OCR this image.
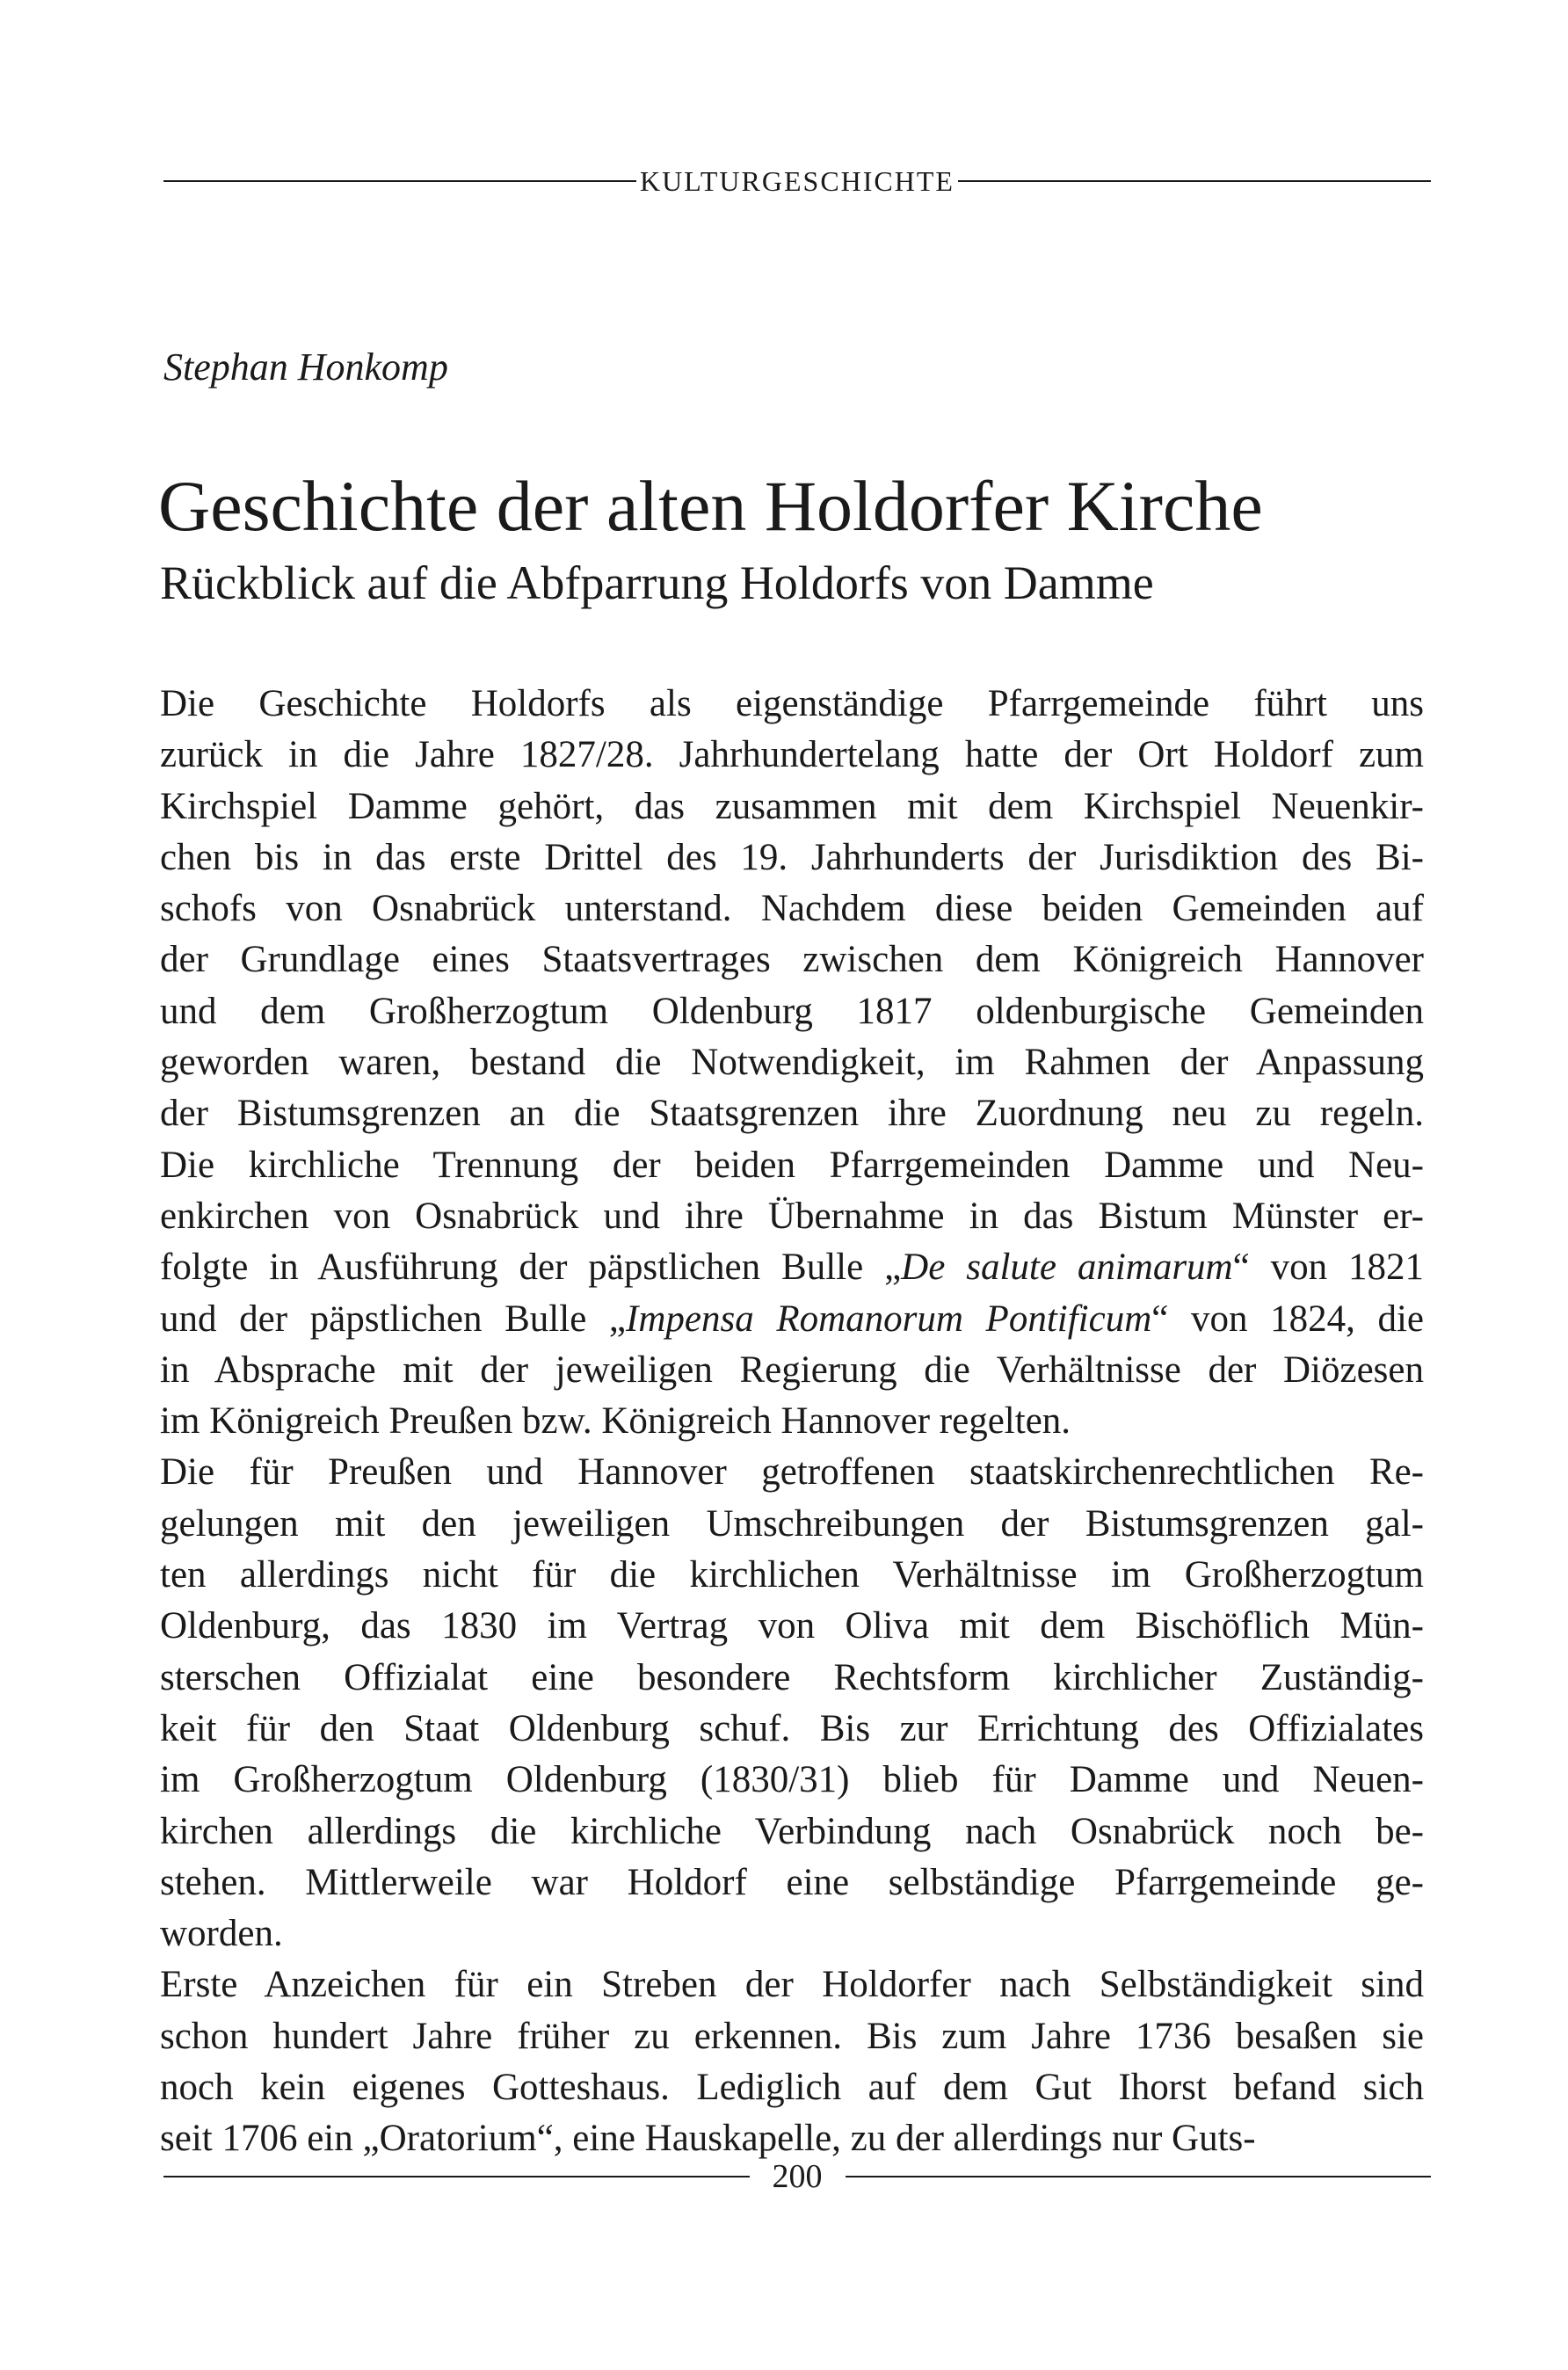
KULTURGESCHICHTE
Stephan Honkomp
Geschichte der alten Holdorfer Kirche
Rückblick auf die Abfparrung Holdorfs von Damme

Die Geschichte Holdorfs als eigenständige Pfarrgemeinde führt uns
zurück in die Jahre 1827/28. Jahrhundertelang hatte der Ort Holdorf zum
Kirchspiel Damme gehört, das zusammen mit dem Kirchspiel Neuenkir-
chen bis in das erste Drittel des 19. Jahrhunderts der Jurisdiktion des Bi-
schofs von Osnabrück unterstand. Nachdem diese beiden Gemeinden auf
der Grundlage eines Staatsvertrages zwischen dem Königreich Hannover
und dem Großherzogtum Oldenburg 1817 oldenburgische Gemeinden
geworden waren, bestand die Notwendigkeit, im Rahmen der Anpassung
der Bistumsgrenzen an die Staatsgrenzen ihre Zuordnung neu zu regeln.
Die kirchliche Trennung der beiden Pfarrgemeinden Damme und Neu-
enkirchen von Osnabrück und ihre Übernahme in das Bistum Münster er-
folgte in Ausführung der päpstlichen Bulle „De salute animarum“ von 1821
und der päpstlichen Bulle „Impensa Romanorum Pontificum“ von 1824, die
in Absprache mit der jeweiligen Regierung die Verhältnisse der Diözesen
im Königreich Preußen bzw. Königreich Hannover regelten.

Die für Preußen und Hannover getroffenen staatskirchenrechtlichen Re-
gelungen mit den jeweiligen Umschreibungen der Bistumsgrenzen gal-
ten allerdings nicht für die kirchlichen Verhältnisse im Großherzogtum
Oldenburg, das 1830 im Vertrag von Oliva mit dem Bischöflich Mün-
sterschen Offizialat eine besondere Rechtsform kirchlicher Zuständig-
keit für den Staat Oldenburg schuf. Bis zur Errichtung des Offizialates
im Großherzogtum Oldenburg (1830/31) blieb für Damme und Neuen-
kirchen allerdings die kirchliche Verbindung nach Osnabrück noch be-
stehen. Mittlerweile war Holdorf eine selbständige Pfarrgemeinde ge-
worden.

Erste Anzeichen für ein Streben der Holdorfer nach Selbständigkeit sind
schon hundert Jahre früher zu erkennen. Bis zum Jahre 1736 besaßen sie
noch kein eigenes Gotteshaus. Lediglich auf dem Gut Ihorst befand sich
seit 1706 ein „Oratorium“, eine Hauskapelle, zu der allerdings nur Guts-

200
